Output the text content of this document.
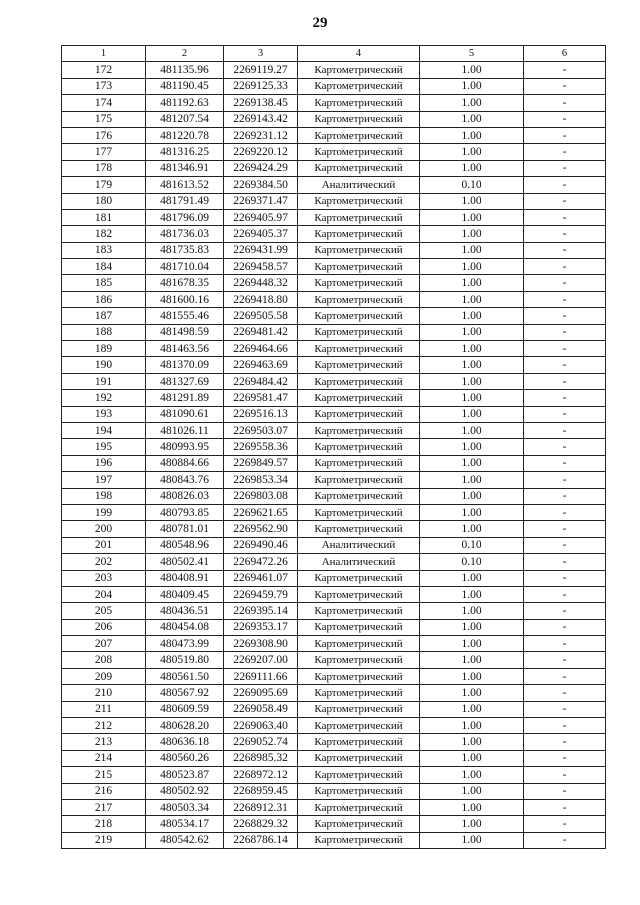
29
1	2	3	4	5	6
172	481135.96	2269119.27	Картометрический	1.00	-
173	481190.45	2269125.33	Картометрический	1.00	-
174	481192.63	2269138.45	Картометрический	1.00	-
175	481207.54	2269143.42	Картометрический	1.00	-
176	481220.78	2269231.12	Картометрический	1.00	-
177	481316.25	2269220.12	Картометрический	1.00	-
178	481346.91	2269424.29	Картометрический	1.00	-
179	481613.52	2269384.50	Аналитический	0.10	-
180	481791.49	2269371.47	Картометрический	1.00	-
181	481796.09	2269405.97	Картометрический	1.00	-
182	481736.03	2269405.37	Картометрический	1.00	-
183	481735.83	2269431.99	Картометрический	1.00	-
184	481710.04	2269458.57	Картометрический	1.00	-
185	481678.35	2269448.32	Картометрический	1.00	-
186	481600.16	2269418.80	Картометрический	1.00	-
187	481555.46	2269505.58	Картометрический	1.00	-
188	481498.59	2269481.42	Картометрический	1.00	-
189	481463.56	2269464.66	Картометрический	1.00	-
190	481370.09	2269463.69	Картометрический	1.00	-
191	481327.69	2269484.42	Картометрический	1.00	-
192	481291.89	2269581.47	Картометрический	1.00	-
193	481090.61	2269516.13	Картометрический	1.00	-
194	481026.11	2269503.07	Картометрический	1.00	-
195	480993.95	2269558.36	Картометрический	1.00	-
196	480884.66	2269849.57	Картометрический	1.00	-
197	480843.76	2269853.34	Картометрический	1.00	-
198	480826.03	2269803.08	Картометрический	1.00	-
199	480793.85	2269621.65	Картометрический	1.00	-
200	480781.01	2269562.90	Картометрический	1.00	-
201	480548.96	2269490.46	Аналитический	0.10	-
202	480502.41	2269472.26	Аналитический	0.10	-
203	480408.91	2269461.07	Картометрический	1.00	-
204	480409.45	2269459.79	Картометрический	1.00	-
205	480436.51	2269395.14	Картометрический	1.00	-
206	480454.08	2269353.17	Картометрический	1.00	-
207	480473.99	2269308.90	Картометрический	1.00	-
208	480519.80	2269207.00	Картометрический	1.00	-
209	480561.50	2269111.66	Картометрический	1.00	-
210	480567.92	2269095.69	Картометрический	1.00	-
211	480609.59	2269058.49	Картометрический	1.00	-
212	480628.20	2269063.40	Картометрический	1.00	-
213	480636.18	2269052.74	Картометрический	1.00	-
214	480560.26	2268985.32	Картометрический	1.00	-
215	480523.87	2268972.12	Картометрический	1.00	-
216	480502.92	2268959.45	Картометрический	1.00	-
217	480503.34	2268912.31	Картометрический	1.00	-
218	480534.17	2268829.32	Картометрический	1.00	-
219	480542.62	2268786.14	Картометрический	1.00	-
